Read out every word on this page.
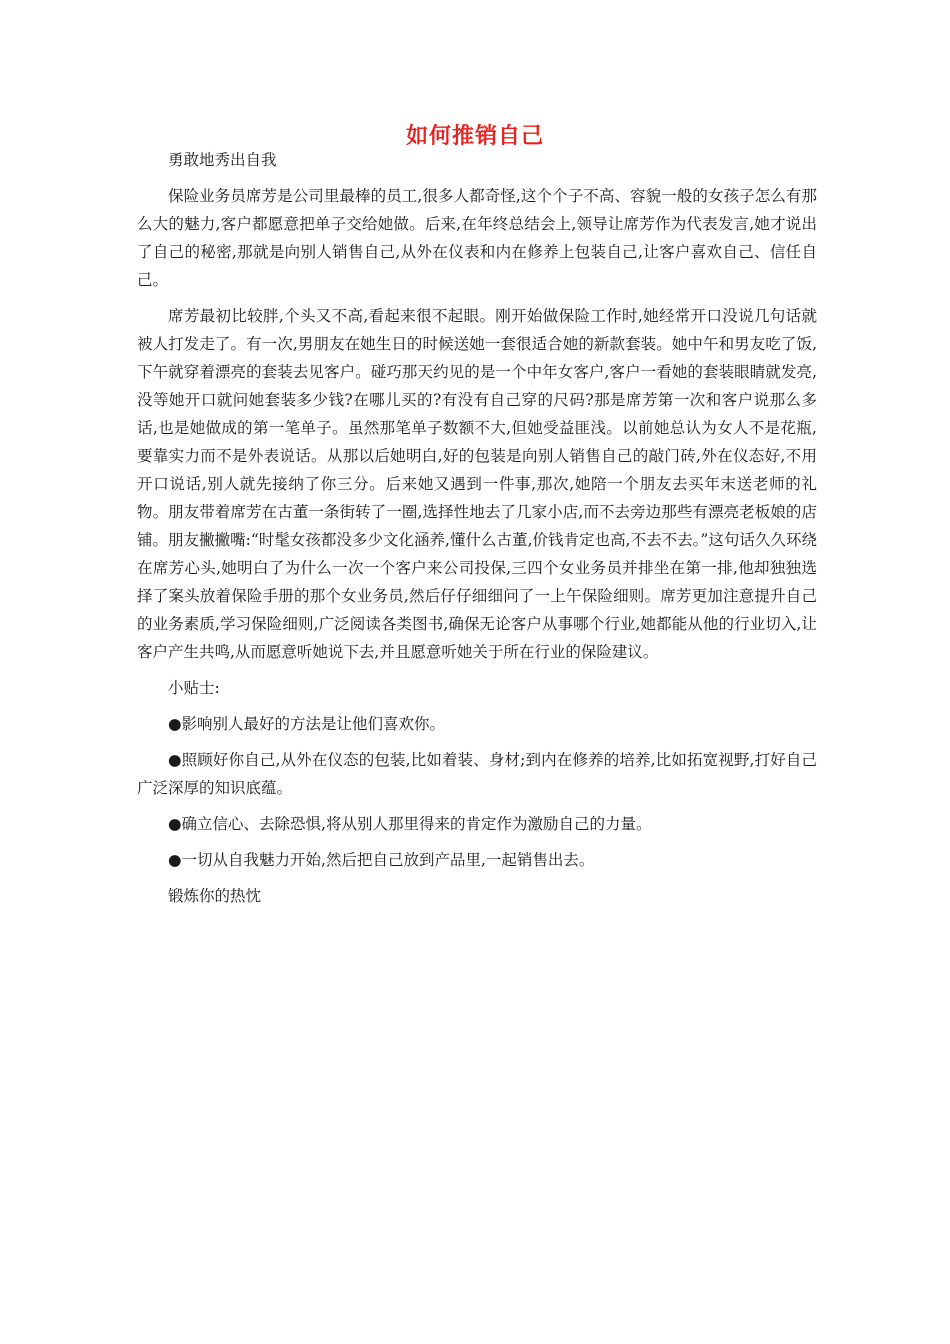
如何推销自己

勇敢地秀出自我

保险业务员席芳是公司里最棒的员工,很多人都奇怪,这个个子不高、容貌一般的女孩子怎么有那么大的魅力,客户都愿意把单子交给她做。后来,在年终总结会上,领导让席芳作为代表发言,她才说出了自己的秘密,那就是向别人销售自己,从外在仪表和内在修养上包装自己,让客户喜欢自己、信任自己。

席芳最初比较胖,个头又不高,看起来很不起眼。刚开始做保险工作时,她经常开口没说几句话就被人打发走了。有一次,男朋友在她生日的时候送她一套很适合她的新款套装。她中午和男友吃了饭,下午就穿着漂亮的套装去见客户。碰巧那天约见的是一个中年女客户,客户一看她的套装眼睛就发亮,没等她开口就问她套装多少钱?在哪儿买的?有没有自己穿的尺码?那是席芳第一次和客户说那么多话,也是她做成的第一笔单子。虽然那笔单子数额不大,但她受益匪浅。以前她总认为女人不是花瓶,要靠实力而不是外表说话。从那以后她明白,好的包装是向别人销售自己的敲门砖,外在仪态好,不用开口说话,别人就先接纳了你三分。后来她又遇到一件事,那次,她陪一个朋友去买年末送老师的礼物。朋友带着席芳在古董一条街转了一圈,选择性地去了几家小店,而不去旁边那些有漂亮老板娘的店铺。朋友撇撇嘴:“时髦女孩都没多少文化涵养,懂什么古董,价钱肯定也高,不去不去。”这句话久久环绕在席芳心头,她明白了为什么一次一个客户来公司投保,三四个女业务员并排坐在第一排,他却独独选择了案头放着保险手册的那个女业务员,然后仔仔细细问了一上午保险细则。席芳更加注意提升自己的业务素质,学习保险细则,广泛阅读各类图书,确保无论客户从事哪个行业,她都能从他的行业切入,让客户产生共鸣,从而愿意听她说下去,并且愿意听她关于所在行业的保险建议。

小贴士:

●影响别人最好的方法是让他们喜欢你。

●照顾好你自己,从外在仪态的包装,比如着装、身材;到内在修养的培养,比如拓宽视野,打好自己广泛深厚的知识底蕴。

●确立信心、去除恐惧,将从别人那里得来的肯定作为激励自己的力量。

●一切从自我魅力开始,然后把自己放到产品里,一起销售出去。

锻炼你的热忱
